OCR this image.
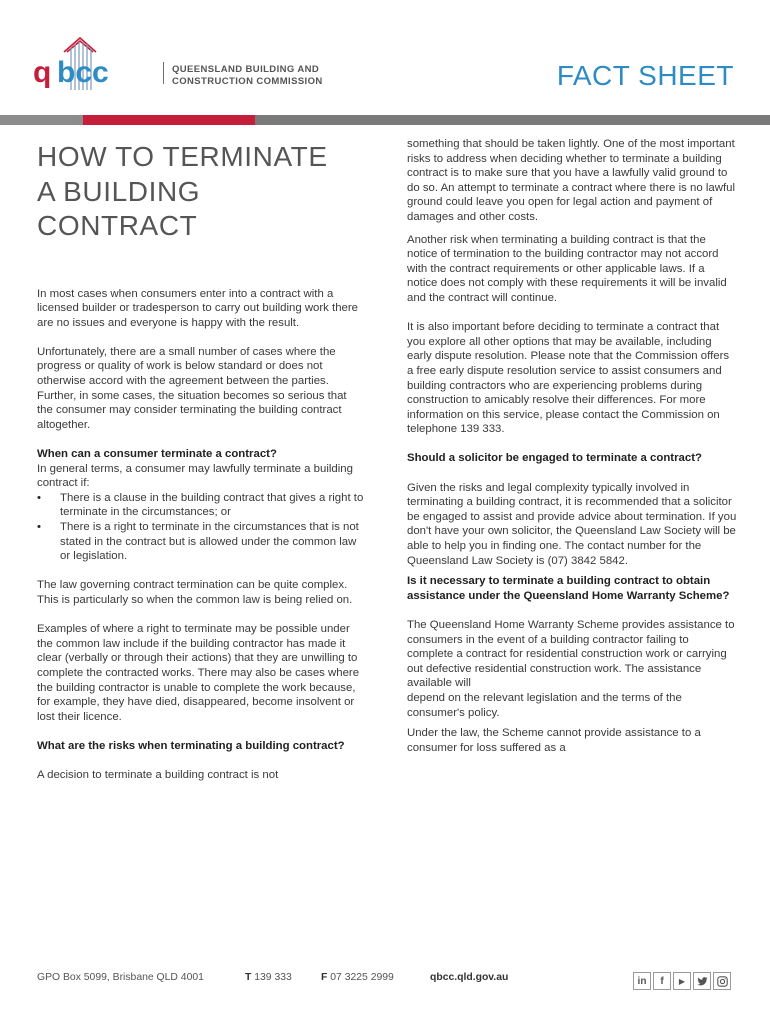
q bcc	QUEENSLAND BUILDING AND
CONSTRUCTION COMMISSION	FACT SHEET
HOW TO TERMINATE
A BUILDING
CONTRACT

In most cases when consumers enter into a contract with a licensed builder or tradesperson to carry out building work there are no issues and everyone is happy with the result.

Unfortunately, there are a small number of cases where the progress or quality of work is below standard or does not otherwise accord with the agreement between the parties. Further, in some cases, the situation becomes so serious that the consumer may consider terminating the building contract altogether.

When can a consumer terminate a contract?

In general terms, a consumer may lawfully terminate a building contract if:

• There is a clause in the building contract that gives a right to terminate in the circumstances; or
• There is a right to terminate in the circumstances that is not stated in the contract but is allowed under the common law or legislation.

The law governing contract termination can be quite complex. This is particularly so when the common law is being relied on.

Examples of where a right to terminate may be possible under the common law include if the building contractor has made it clear (verbally or through their actions) that they are unwilling to complete the contracted works. There may also be cases where the building contractor is unable to complete the work because, for example, they have died, disappeared, become insolvent or lost their licence.

What are the risks when terminating a building contract?

A decision to terminate a building contract is not

something that should be taken lightly. One of the most important risks to address when deciding whether to terminate a building contract is to make sure that you have a lawfully valid ground to do so. An attempt to terminate a contract where there is no lawful ground could leave you open for legal action and payment of damages and other costs.

Another risk when terminating a building contract is that the notice of termination to the building contractor may not accord with the contract requirements or other applicable laws. If a notice does not comply with these requirements it will be invalid and the contract will continue.

It is also important before deciding to terminate a contract that you explore all other options that may be available, including early dispute resolution. Please note that the Commission offers a free early dispute resolution service to assist consumers and building contractors who are experiencing problems during construction to amicably resolve their differences. For more information on this service, please contact the Commission on telephone 139 333.

Should a solicitor be engaged to terminate a contract?

Given the risks and legal complexity typically involved in terminating a building contract, it is recommended that a solicitor be engaged to assist and provide advice about termination. If you don't have your own solicitor, the Queensland Law Society will be able to help you in finding one. The contact number for the Queensland Law Society is (07) 3842 5842.

Is it necessary to terminate a building contract to obtain assistance under the Queensland Home Warranty Scheme?

The Queensland Home Warranty Scheme provides assistance to consumers in the event of a building contractor failing to complete a contract for residential construction work or carrying out defective residential construction work. The assistance available will

depend on the relevant legislation and the terms of the consumer's policy.

Under the law, the Scheme cannot provide assistance to a consumer for loss suffered as a

GPO Box 5099, Brisbane QLD 4001	T 139 333	F 07 3225 2999	qbcc.qld.gov.au	in	f	▶
